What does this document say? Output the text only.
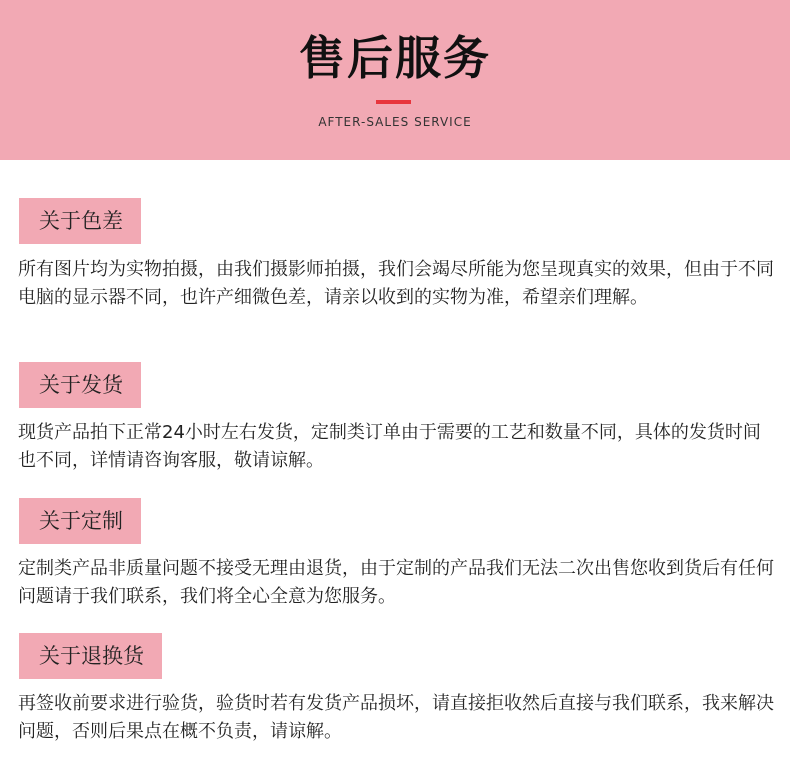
售后服务
AFTER-SALES SERVICE
关于色差
所有图片均为实物拍摄，由我们摄影师拍摄，我们会竭尽所能为您呈现真实的效果，但由于不同电脑的显示器不同，也许产细微色差，请亲以收到的实物为准，希望亲们理解。
关于发货
现货产品拍下正常24小时左右发货，定制类订单由于需要的工艺和数量不同，具体的发货时间也不同，详情请咨询客服，敬请谅解。
关于定制
定制类产品非质量问题不接受无理由退货，由于定制的产品我们无法二次出售您收到货后有任何问题请于我们联系，我们将全心全意为您服务。
关于退换货
再签收前要求进行验货，验货时若有发货产品损坏，请直接拒收然后直接与我们联系，我来解决问题，否则后果点在概不负责，请谅解。
